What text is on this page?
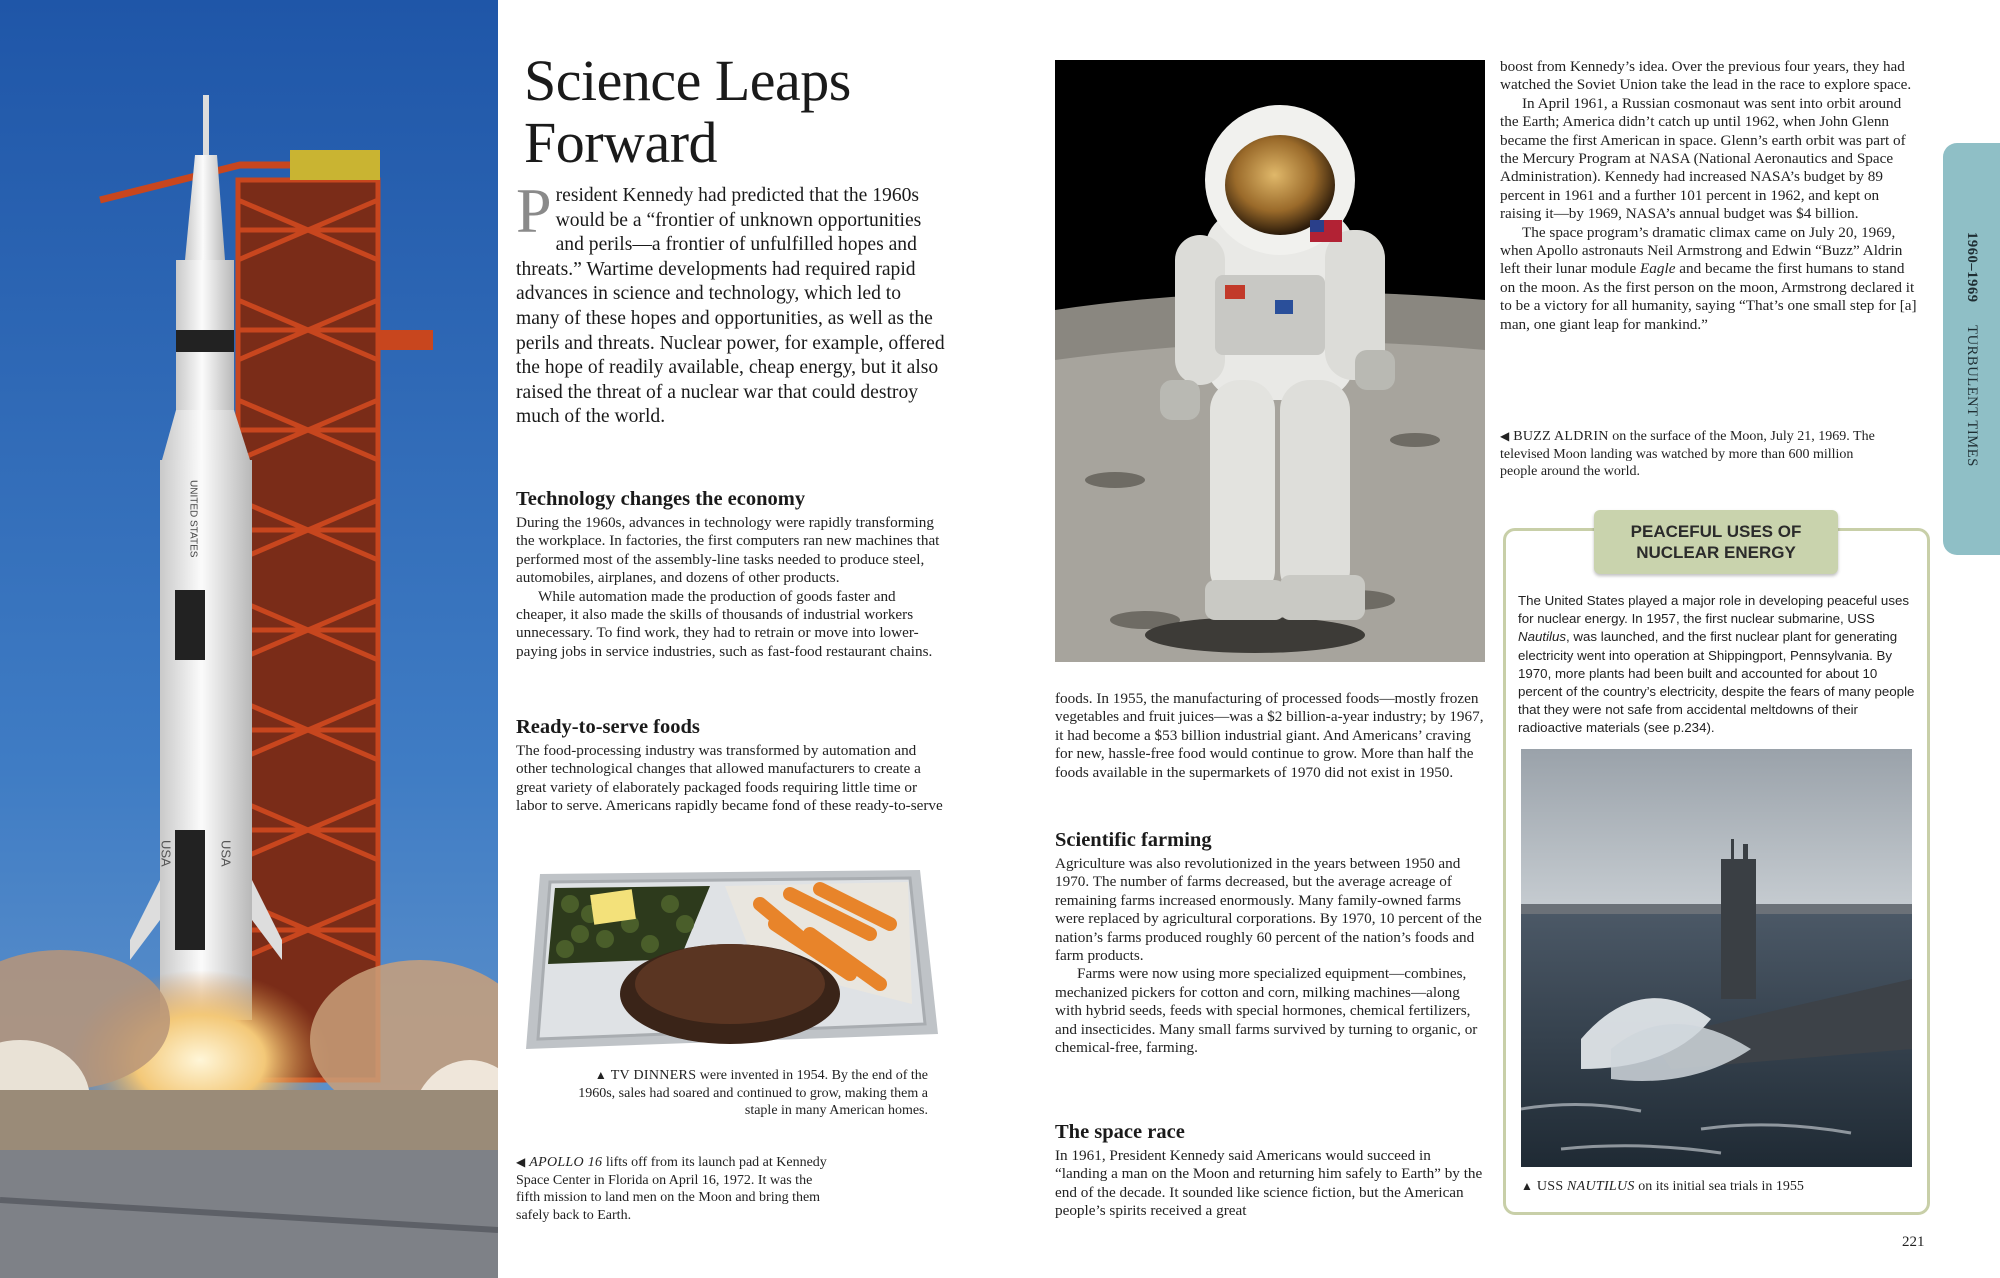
UNITED STATES
USA	USA
Science Leaps Forward
President Kennedy had predicted that the 1960s would be a “frontier of unknown opportunities and perils—a frontier of unfulfilled hopes and threats.” Wartime developments had required rapid advances in science and technology, which led to many of these hopes and opportunities, as well as the perils and threats. Nuclear power, for example, offered the hope of readily available, cheap energy, but it also raised the threat of a nuclear war that could destroy much of the world.
Technology changes the economy

During the 1960s, advances in technology were rapidly transforming the workplace. In factories, the first computers ran new machines that performed most of the assembly-line tasks needed to produce steel, automobiles, airplanes, and dozens of other products.

While automation made the production of goods faster and cheaper, it also made the skills of thousands of industrial workers unnecessary. To find work, they had to retrain or move into lower-paying jobs in service industries, such as fast-food restaurant chains.

Ready-to-serve foods

The food-processing industry was transformed by automation and other technological changes that allowed manufacturers to create a great variety of elaborately packaged foods requiring little time or labor to serve. Americans rapidly became fond of these ready-to-serve

▲ TV DINNERS were invented in 1954. By the end of the 1960s, sales had soared and continued to grow, making them a staple in many American homes.
◀ APOLLO 16 lifts off from its launch pad at Kennedy Space Center in Florida on April 16, 1972. It was the fifth mission to land men on the Moon and bring them safely back to Earth.

foods. In 1955, the manufacturing of processed foods—mostly frozen vegetables and fruit juices—was a $2 billion-a-year industry; by 1967, it had become a $53 billion industrial giant. And Americans’ craving for new, hassle-free food would continue to grow. More than half the foods available in the supermarkets of 1970 did not exist in 1950.

Scientific farming

Agriculture was also revolutionized in the years between 1950 and 1970. The number of farms decreased, but the average acreage of remaining farms increased enormously. Many family-owned farms were replaced by agricultural corporations. By 1970, 10 percent of the nation’s farms produced roughly 60 percent of the nation’s foods and farm products.

Farms were now using more specialized equipment—combines, mechanized pickers for cotton and corn, milking machines—along with hybrid seeds, feeds with special hormones, chemical fertilizers, and insecticides. Many small farms survived by turning to organic, or chemical-free, farming.

The space race

In 1961, President Kennedy said Americans would succeed in “landing a man on the Moon and returning him safely to Earth” by the end of the decade. It sounded like science fiction, but the American people’s spirits received a great

boost from Kennedy’s idea. Over the previous four years, they had watched the Soviet Union take the lead in the race to explore space.

In April 1961, a Russian cosmonaut was sent into orbit around the Earth; America didn’t catch up until 1962, when John Glenn became the first American in space. Glenn’s earth orbit was part of the Mercury Program at NASA (National Aeronautics and Space Administration). Kennedy had increased NASA’s budget by 89 percent in 1961 and a further 101 percent in 1962, and kept on raising it—by 1969, NASA’s annual budget was $4 billion.

The space program’s dramatic climax came on July 20, 1969, when Apollo astronauts Neil Armstrong and Edwin “Buzz” Aldrin left their lunar module Eagle and became the first humans to stand on the moon. As the first person on the moon, Armstrong declared it to be a victory for all humanity, saying “That’s one small step for [a] man, one giant leap for mankind.”

◀ BUZZ ALDRIN on the surface of the Moon, July 21, 1969. The televised Moon landing was watched by more than 600 million people around the world.
PEACEFUL USES OF
NUCLEAR ENERGY
The United States played a major role in developing peaceful uses for nuclear energy. In 1957, the first nuclear submarine, USS Nautilus, was launched, and the first nuclear plant for generating electricity went into operation at Shippingport, Pennsylvania. By 1970, more plants had been built and accounted for about 10 percent of the country’s electricity, despite the fears of many people that they were not safe from accidental meltdowns of their radioactive materials (see p.234).
▲ USS NAUTILUS on its initial sea trials in 1955
1960–1969  TURBULENT TIMES
221
